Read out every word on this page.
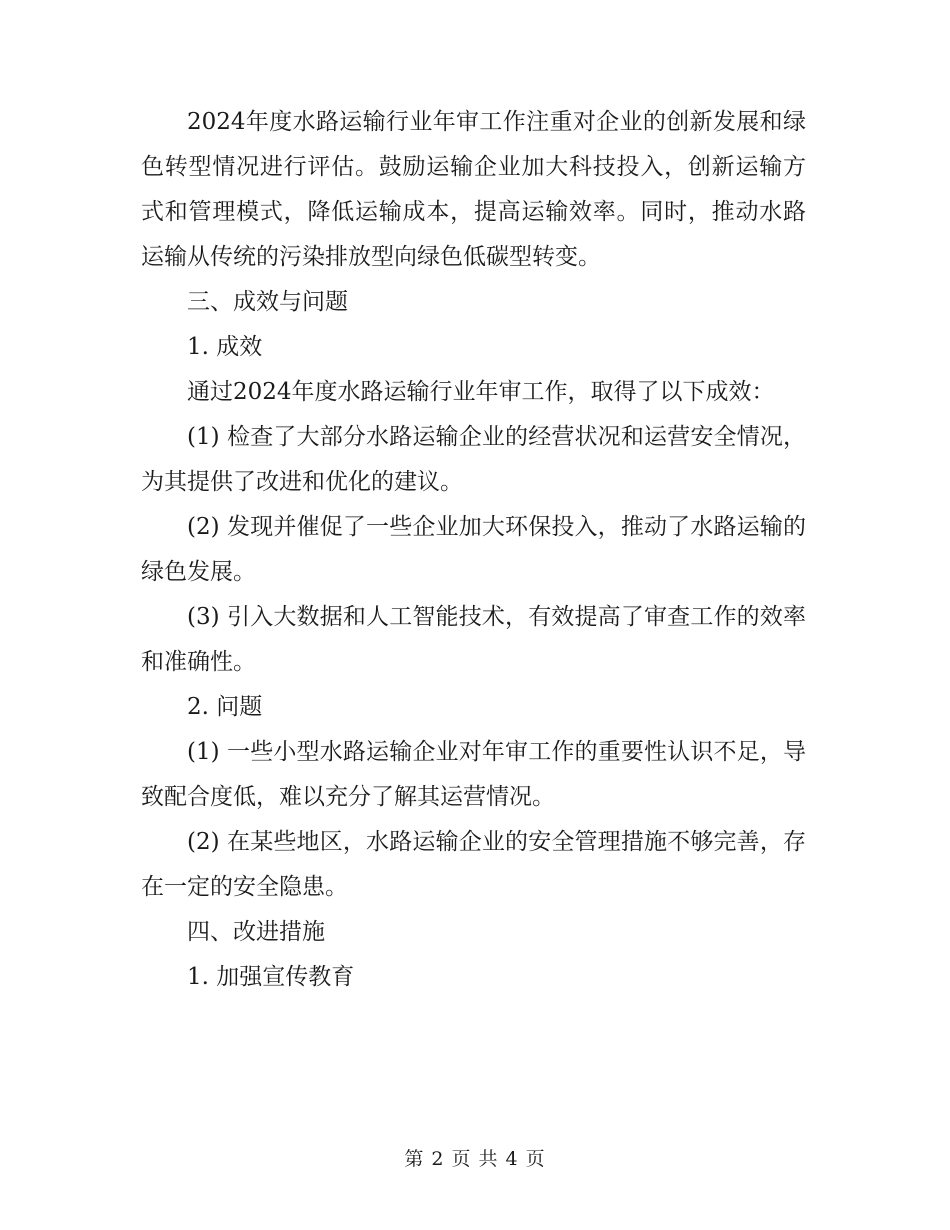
2024年度水路运输行业年审工作注重对企业的创新发展和绿色转型情况进行评估。鼓励运输企业加大科技投入，创新运输方式和管理模式，降低运输成本，提高运输效率。同时，推动水路运输从传统的污染排放型向绿色低碳型转变。

三、成效与问题

1. 成效

通过2024年度水路运输行业年审工作，取得了以下成效：

(1) 检查了大部分水路运输企业的经营状况和运营安全情况，为其提供了改进和优化的建议。

(2) 发现并催促了一些企业加大环保投入，推动了水路运输的绿色发展。

(3) 引入大数据和人工智能技术，有效提高了审查工作的效率和准确性。

2. 问题

(1) 一些小型水路运输企业对年审工作的重要性认识不足，导致配合度低，难以充分了解其运营情况。

(2) 在某些地区，水路运输企业的安全管理措施不够完善，存在一定的安全隐患。

四、改进措施

1. 加强宣传教育

第 2 页 共 4 页
